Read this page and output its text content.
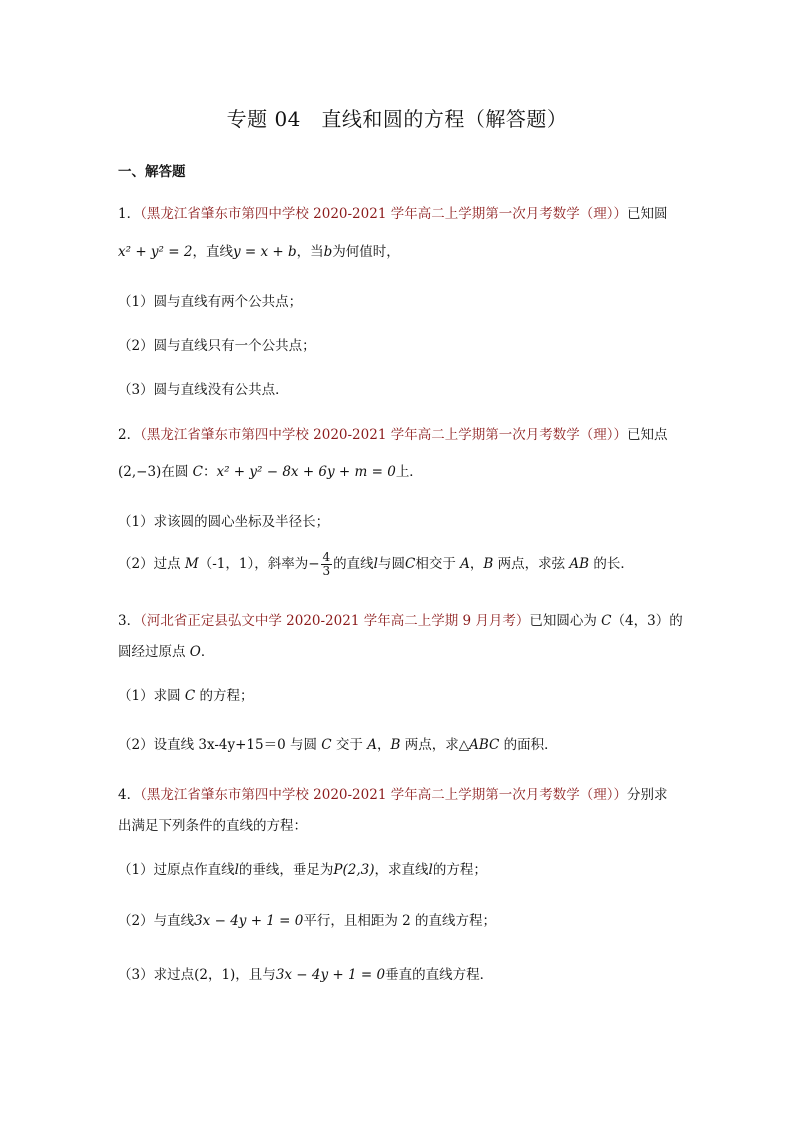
专题 04　直线和圆的方程（解答题）
一、解答题
1．（黑龙江省肇东市第四中学校 2020-2021 学年高二上学期第一次月考数学（理））已知圆
x² + y² = 2，直线y = x + b，当b为何值时，
（1）圆与直线有两个公共点；
（2）圆与直线只有一个公共点；
（3）圆与直线没有公共点．
2．（黑龙江省肇东市第四中学校 2020-2021 学年高二上学期第一次月考数学（理））已知点
(2,−3)在圆 C：x² + y² − 8x + 6y + m = 0上．
（1）求该圆的圆心坐标及半径长；
（2）过点 M（-1，1），斜率为− $\frac{4}{3}$ 的直线l与圆C相交于 A，B 两点，求弦 AB 的长．
3．（河北省正定县弘文中学 2020-2021 学年高二上学期 9 月月考）已知圆心为 C（4，3）的
圆经过原点 O．
（1）求圆 C 的方程；
（2）设直线 3x-4y+15＝0 与圆 C 交于 A，B 两点，求△ABC 的面积．
4．（黑龙江省肇东市第四中学校 2020-2021 学年高二上学期第一次月考数学（理））分别求
出满足下列条件的直线的方程：
（1）过原点作直线l的垂线，垂足为P(2,3)，求直线l的方程；
（2）与直线3x − 4y + 1 = 0平行，且相距为 2 的直线方程；
（3）求过点(2，1)，且与3x − 4y + 1 = 0垂直的直线方程．
